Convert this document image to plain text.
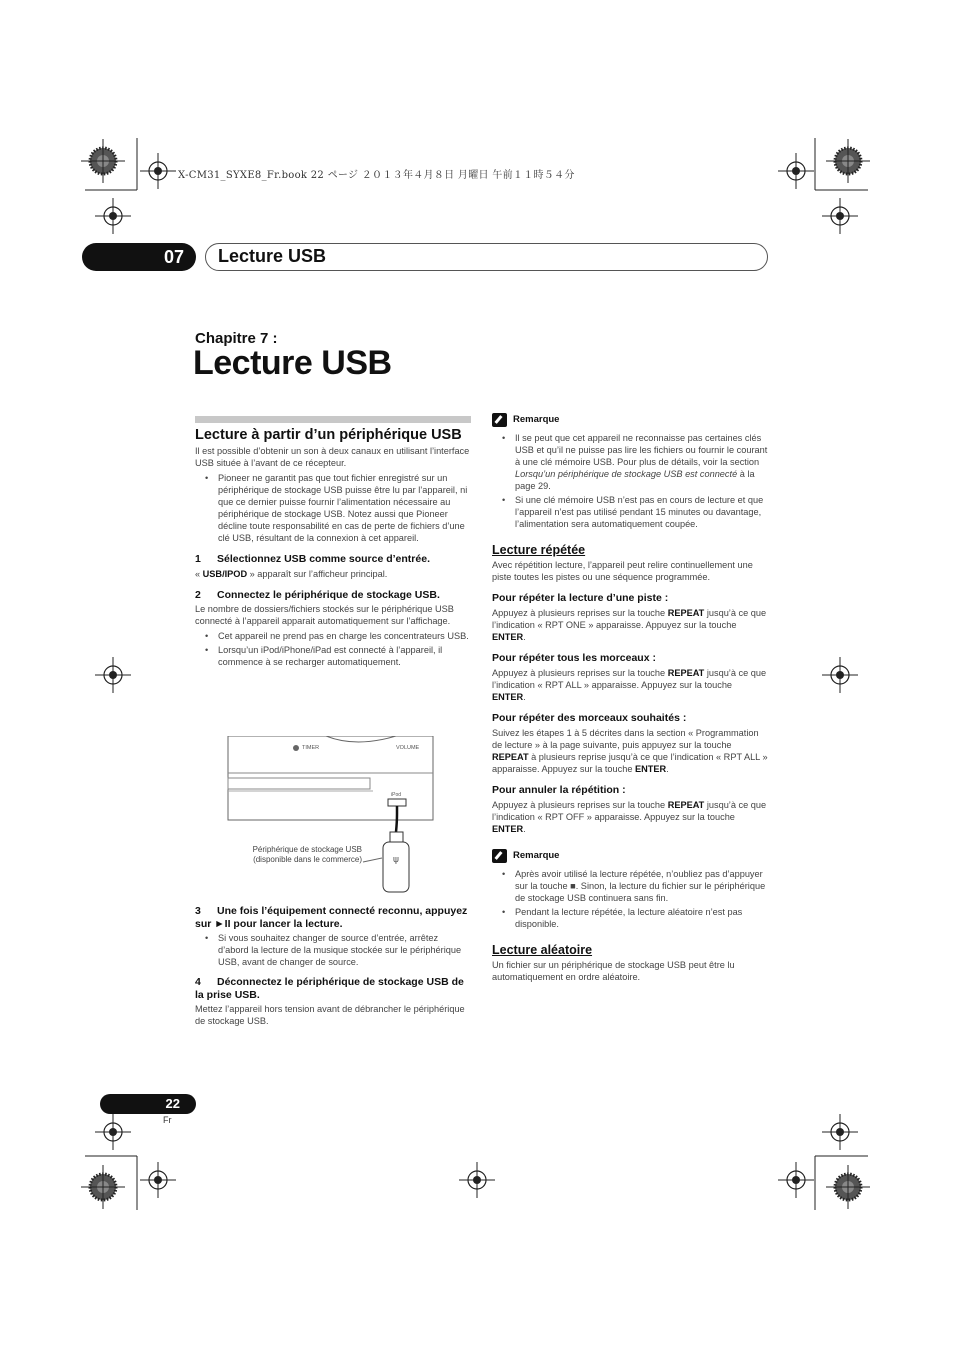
X-CM31_SYXE8_Fr.book 22 ページ ２０１３年４月８日 月曜日 午前１１時５４分
07	Lecture USB
Chapitre 7 :
Lecture USB
Lecture à partir d’un périphérique USB

Il est possible d’obtenir un son à deux canaux en utilisant l’interface USB située à l’avant de ce récepteur.

• Pioneer ne garantit pas que tout fichier enregistré sur un périphérique de stockage USB puisse être lu par l’appareil, ni que ce dernier puisse fournir l’alimentation nécessaire au périphérique de stockage USB. Notez aussi que Pioneer décline toute responsabilité en cas de perte de fichiers d’une clé USB, résultant de la connexion à cet appareil.
1 Sélectionnez USB comme source d’entrée.

« USB/IPOD » apparaît sur l’afficheur principal.

2 Connectez le périphérique de stockage USB.

Le nombre de dossiers/fichiers stockés sur le périphérique USB connecté à l’appareil apparait automatiquement sur l’affichage.

• Cet appareil ne prend pas en charge les concentrateurs USB.
• Lorsqu’un iPod/iPhone/iPad est connecté à l’appareil, il commence à se recharger automatiquement.
ψ
TIMER	VOLUME
iPod
Périphérique de stockage USB (disponible dans le commerce)
3 Une fois l’équipement connecté reconnu, appuyez sur ►II pour lancer la lecture.
• Si vous souhaitez changer de source d’entrée, arrêtez d’abord la lecture de la musique stockée sur le périphérique USB, avant de changer de source.
4 Déconnectez le périphérique de stockage USB de la prise USB.

Mettez l’appareil hors tension avant de débrancher le périphérique de stockage USB.

Remarque
• Il se peut que cet appareil ne reconnaisse pas certaines clés USB et qu’il ne puisse pas lire les fichiers ou fournir le courant à une clé mémoire USB. Pour plus de détails, voir la section Lorsqu’un périphérique de stockage USB est connecté à la page 29.
• Si une clé mémoire USB n’est pas en cours de lecture et que l’appareil n’est pas utilisé pendant 15 minutes ou davantage, l’alimentation sera automatiquement coupée.
Lecture répétée

Avec répétition lecture, l’appareil peut relire continuellement une piste toutes les pistes ou une séquence programmée.

Pour répéter la lecture d’une piste :

Appuyez à plusieurs reprises sur la touche REPEAT jusqu’à ce que l’indication « RPT ONE » apparaisse. Appuyez sur la touche ENTER.

Pour répéter tous les morceaux :

Appuyez à plusieurs reprises sur la touche REPEAT jusqu’à ce que l’indication « RPT ALL » apparaisse. Appuyez sur la touche ENTER.

Pour répéter des morceaux souhaités :

Suivez les étapes 1 à 5 décrites dans la section « Programmation de lecture » à la page suivante, puis appuyez sur la touche REPEAT à plusieurs reprise jusqu’à ce que l’indication « RPT ALL » apparaisse. Appuyez sur la touche ENTER.

Pour annuler la répétition :

Appuyez à plusieurs reprises sur la touche REPEAT jusqu’à ce que l’indication « RPT OFF » apparaisse. Appuyez sur la touche ENTER.

Remarque
• Après avoir utilisé la lecture répétée, n’oubliez pas d’appuyer sur la touche ■. Sinon, la lecture du fichier sur le périphérique de stockage USB continuera sans fin.
• Pendant la lecture répétée, la lecture aléatoire n’est pas disponible.
Lecture aléatoire

Un fichier sur un périphérique de stockage USB peut être lu automatiquement en ordre aléatoire.

22
Fr
